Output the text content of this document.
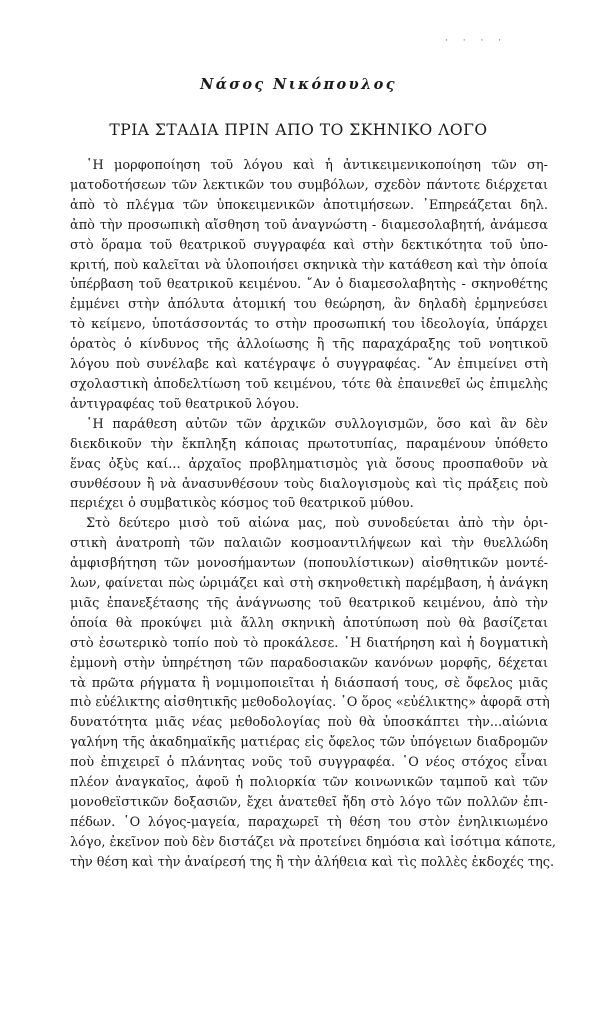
· · · ·
Νάσος Νικόπουλος
ΤΡΙΑ ΣΤΑΔΙΑ ΠΡΙΝ ΑΠΟ ΤΟ ΣΚΗΝΙΚΟ ΛΟΓΟ

῾Η μορφοποίηση τοῦ λόγου καὶ ἡ ἀντικειμενικοποίηση τῶν ση-
ματοδοτήσεων τῶν λεκτικῶν του συμβόλων, σχεδὸν πάντοτε διέρχεται
ἀπὸ τὸ πλέγμα τῶν ὑποκειμενικῶν ἀποτιμήσεων. ᾿Επηρεάζεται δηλ.
ἀπὸ τὴν προσωπικὴ αἴσθηση τοῦ ἀναγνώστη - διαμεσολαβητή, ἀνάμεσα
στὸ ὅραμα τοῦ θεατρικοῦ συγγραφέα καὶ στὴν δεκτικότητα τοῦ ὑπο-
κριτή, ποὺ καλεῖται νὰ ὑλοποιήσει σκηνικὰ τὴν κατάθεση καὶ τὴν ὁποία
ὑπέρβαση τοῦ θεατρικοῦ κειμένου. ῎Αν ὁ διαμεσολαβητὴς - σκηνοθέτης
ἐμμένει στὴν ἀπόλυτα ἀτομική του θεώρηση, ἂν δηλαδὴ ἑρμηνεύσει
τὸ κείμενο, ὑποτάσσοντάς το στὴν προσωπική του ἰδεολογία, ὑπάρχει
ὁρατὸς ὁ κίνδυνος τῆς ἀλλοίωσης ἢ τῆς παραχάραξης τοῦ νοητικοῦ
λόγου ποὺ συνέλαβε καὶ κατέγραψε ὁ συγγραφέας. ῎Αν ἐπιμείνει στὴ
σχολαστικὴ ἀποδελτίωση τοῦ κειμένου, τότε θὰ ἐπαινεθεῖ ὡς ἐπιμελὴς
ἀντιγραφέας τοῦ θεατρικοῦ λόγου.

῾Η παράθεση αὐτῶν τῶν ἀρχικῶν συλλογισμῶν, ὅσο καὶ ἂν δὲν
διεκδικοῦν τὴν ἔκπληξη κάποιας πρωτοτυπίας, παραμένουν ὑπόθετο
ἕνας ὀξὺς καί... ἀρχαῖος προβληματισμὸς γιὰ ὅσους προσπαθοῦν νὰ
συνθέσουν ἢ νὰ ἀνασυνθέσουν τοὺς διαλογισμοὺς καὶ τὶς πράξεις ποὺ
περιέχει ὁ συμβατικὸς κόσμος τοῦ θεατρικοῦ μύθου.

Στὸ δεύτερο μισὸ τοῦ αἰώνα μας, ποὺ συνοδεύεται ἀπὸ τὴν ὁρι-
στικὴ ἀνατροπὴ τῶν παλαιῶν κοσμοαντιλήψεων καὶ τὴν θυελλώδη
ἀμφισβήτηση τῶν μονοσήμαντων (ποπουλίστικων) αἰσθητικῶν μοντέ-
λων, φαίνεται πὼς ὡριμάζει καὶ στὴ σκηνοθετικὴ παρέμβαση, ἡ ἀνάγκη
μιᾶς ἐπανεξέτασης τῆς ἀνάγνωσης τοῦ θεατρικοῦ κειμένου, ἀπὸ τὴν
ὁποία θὰ προκύψει μιὰ ἄλλη σκηνικὴ ἀποτύπωση ποὺ θὰ βασίζεται
στὸ ἐσωτερικὸ τοπίο ποὺ τὸ προκάλεσε. ῾Η διατήρηση καὶ ἡ δογματικὴ
ἐμμονὴ στὴν ὑπηρέτηση τῶν παραδοσιακῶν κανόνων μορφῆς, δέχεται
τὰ πρῶτα ρήγματα ἢ νομιμοποιεῖται ἡ διάσπασή τους, σὲ ὄφελος μιᾶς
πιὸ εὐέλικτης αἰσθητικῆς μεθοδολογίας. ῾Ο ὅρος «εὐέλικτης» ἀφορᾶ στὴ
δυνατότητα μιᾶς νέας μεθοδολογίας ποὺ θὰ ὑποσκάπτει τὴν...αἰώνια
γαλήνη τῆς ἀκαδημαϊκῆς ματιέρας εἰς ὄφελος τῶν ὑπόγειων διαδρομῶν
ποὺ ἐπιχειρεῖ ὁ πλάνητας νοῦς τοῦ συγγραφέα. ῾Ο νέος στόχος εἶναι
πλέον ἀναγκαῖος, ἀφοῦ ἡ πολιορκία τῶν κοινωνικῶν ταμποῦ καὶ τῶν
μονοθεϊστικῶν δοξασιῶν, ἔχει ἀνατεθεῖ ἤδη στὸ λόγο τῶν πολλῶν ἐπι-
πέδων. ῾Ο λόγος-μαγεία, παραχωρεῖ τὴ θέση του στὸν ἐνηλικιωμένο
λόγο, ἐκεῖνον ποὺ δὲν διστάζει νὰ προτείνει δημόσια καὶ ἰσότιμα κάποτε,
τὴν θέση καὶ τὴν ἀναίρεσή της ἢ τὴν ἀλήθεια καὶ τὶς πολλὲς ἐκδοχές της.
